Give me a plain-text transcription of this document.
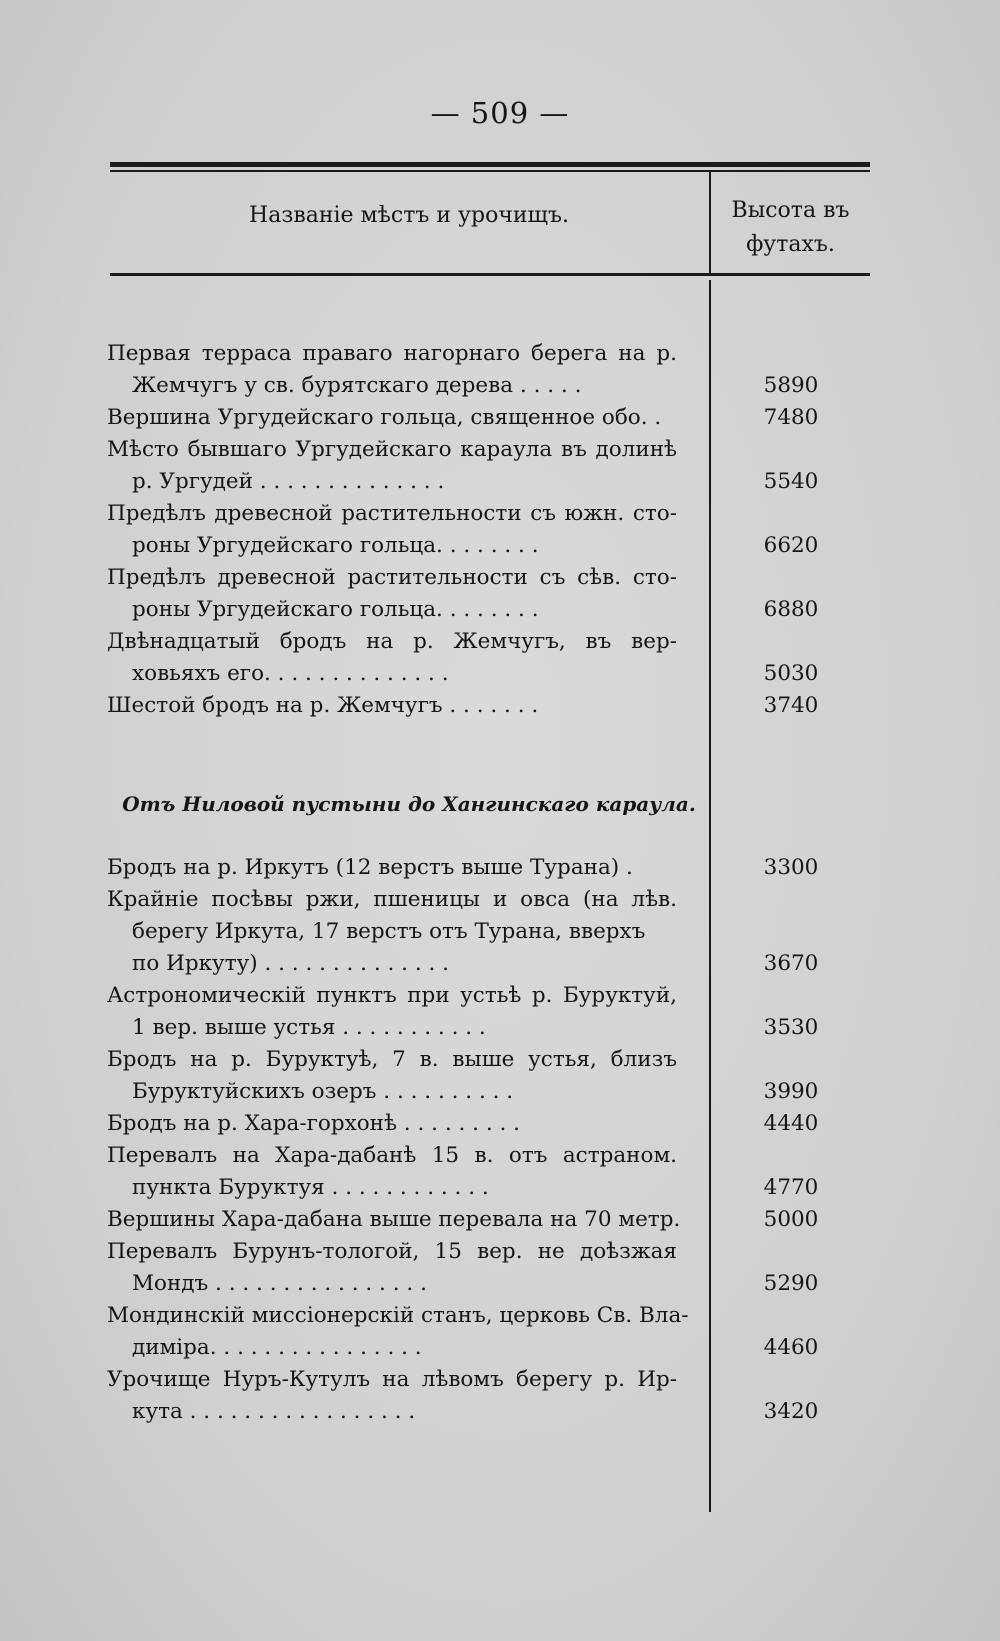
— 509 —
Названіе мѣстъ и урочищъ.	Высота въ
футахъ.
Первая терраса праваго нагорнаго берега на р.
Жемчугъ у св. бурятскаго дерева . . . . .	5890
Вершина Ургудейскаго гольца, священное обо. .	7480
Мѣсто бывшаго Ургудейскаго караула въ долинѣ
р. Ургудей . . . . . . . . . . . . . .	5540
Предѣлъ древесной растительности съ южн. сто-
роны Ургудейскаго гольца. . . . . . . .	6620
Предѣлъ древесной растительности съ сѣв. сто-
роны Ургудейскаго гольца. . . . . . . .	6880
Двѣнадцатый бродъ на р. Жемчугъ, въ вер-
ховьяхъ его. . . . . . . . . . . . . .	5030
Шестой бродъ на р. Жемчугъ . . . . . . .	3740
Отъ Ниловой пустыни до Хангинскаго караула.
Бродъ на р. Иркутъ (12 верстъ выше Турана) .	3300
Крайніе посѣвы ржи, пшеницы и овса (на лѣв.
берегу Иркута, 17 верстъ отъ Турана, вверхъ
по Иркуту) . . . . . . . . . . . . . .	3670
Астрономическій пунктъ при устьѣ р. Буруктуй,
1 вер. выше устья . . . . . . . . . . .	3530
Бродъ на р. Буруктуѣ, 7 в. выше устья, близъ
Буруктуйскихъ озеръ . . . . . . . . . .	3990
Бродъ на р. Хара-горхонѣ . . . . . . . . .	4440
Перевалъ на Хара-дабанѣ 15 в. отъ астраном.
пункта Буруктуя . . . . . . . . . . . .	4770
Вершины Хара-дабана выше перевала на 70 метр.	5000
Перевалъ Бурунъ-тологой, 15 вер. не доѣзжая
Мондъ . . . . . . . . . . . . . . . .	5290
Мондинскій миссіонерскій станъ, церковь Св. Вла-
диміра. . . . . . . . . . . . . . . .	4460
Урочище Нуръ-Кутулъ на лѣвомъ берегу р. Ир-
кута . . . . . . . . . . . . . . . . .	3420
